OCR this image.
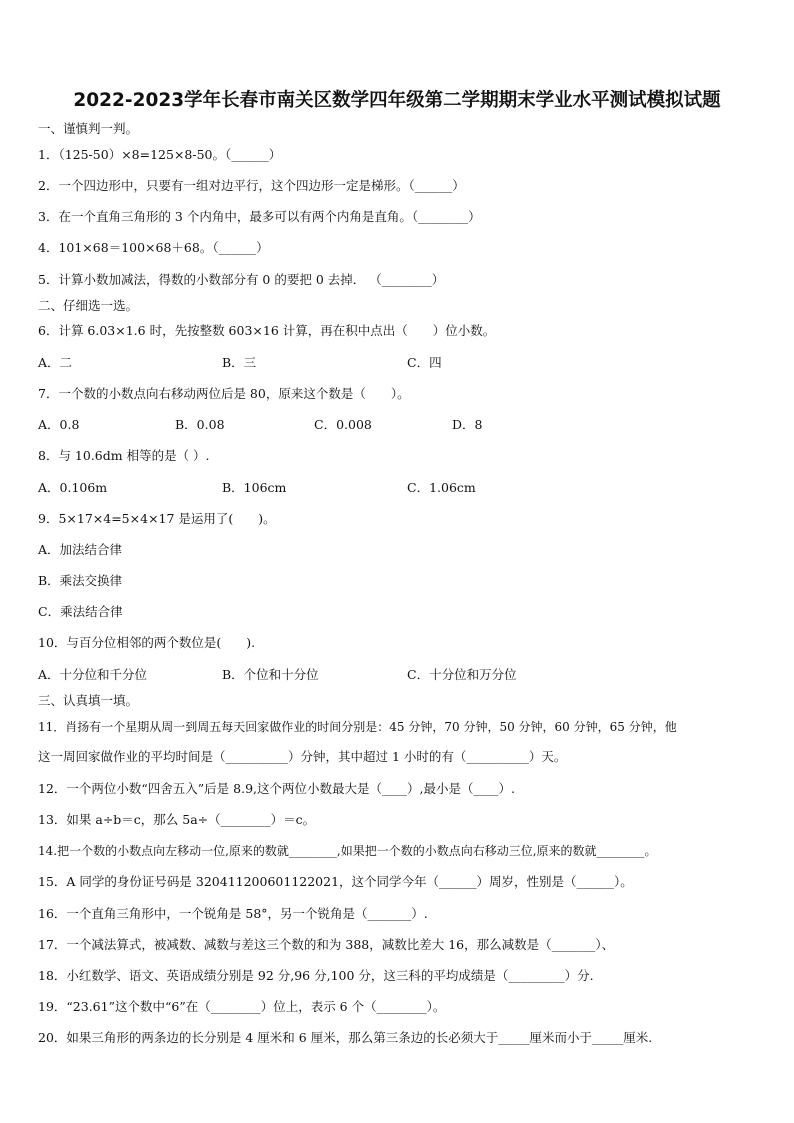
2022-2023学年长春市南关区数学四年级第二学期期末学业水平测试模拟试题
一、谨慎判一判。
1．（125-50）×8=125×8-50。（______）
2．一个四边形中，只要有一组对边平行，这个四边形一定是梯形。（______）
3．在一个直角三角形的 3 个内角中，最多可以有两个内角是直角。（________）
4．101×68＝100×68＋68。（______）
5．计算小数加减法，得数的小数部分有 0 的要把 0 去掉． （________）
二、仔细选一选。
6．计算 6.03×1.6 时，先按整数 603×16 计算，再在积中点出（　　）位小数。
A．二	B．三	C．四
7．一个数的小数点向右移动两位后是 80，原来这个数是（　　）。
A．0.8	B．0.08	C．0.008	D．8
8．与 10.6dm 相等的是（ ）.
A．0.106m	B．106cm	C．1.06cm
9．5×17×4=5×4×17 是运用了(　　)。
A．加法结合律
B．乘法交换律
C．乘法结合律
10．与百分位相邻的两个数位是(　　).
A．十分位和千分位	B．个位和十分位	C．十分位和万分位
三、认真填一填。
11．肖扬有一个星期从周一到周五每天回家做作业的时间分别是：45 分钟，70 分钟，50 分钟，60 分钟，65 分钟，他
这一周回家做作业的平均时间是（__________）分钟，其中超过 1 小时的有（__________）天。
12．一个两位小数“四舍五入”后是 8.9,这个两位小数最大是（____）,最小是（____）.
13．如果 a÷b＝c，那么 5a÷（________）＝c。
14.把一个数的小数点向左移动一位,原来的数就________,如果把一个数的小数点向右移动三位,原来的数就________。
15．A 同学的身份证号码是 320411200601122021，这个同学今年（______）周岁，性别是（______）。
16．一个直角三角形中，一个锐角是 58°，另一个锐角是（_______）.
17．一个减法算式，被减数、减数与差这三个数的和为 388，减数比差大 16，那么减数是（_______）、
18．小红数学、语文、英语成绩分别是 92 分,96 分,100 分，这三科的平均成绩是（_________）分.
19．“23.61”这个数中“6”在（________）位上，表示 6 个（________）。
20．如果三角形的两条边的长分别是 4 厘米和 6 厘米，那么第三条边的长必须大于_____厘米而小于_____厘米.
